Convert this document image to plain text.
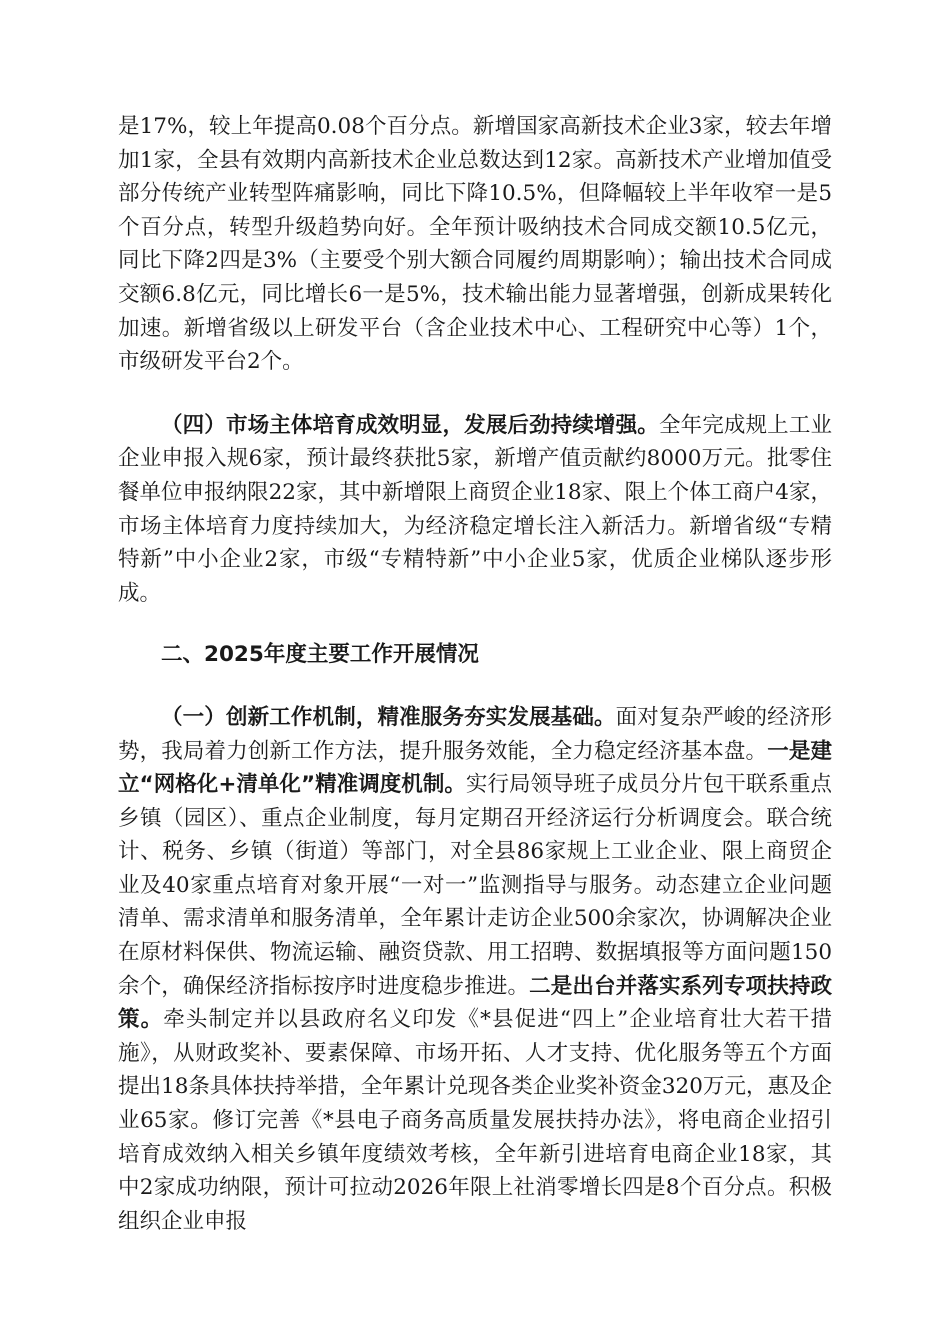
是17%，较上年提高0.08个百分点。新增国家高新技术企业3家，较去年增加1家，全县有效期内高新技术企业总数达到12家。高新技术产业增加值受部分传统产业转型阵痛影响，同比下降10.5%，但降幅较上半年收窄一是5个百分点，转型升级趋势向好。全年预计吸纳技术合同成交额10.5亿元，同比下降2四是3%（主要受个别大额合同履约周期影响）；输出技术合同成交额6.8亿元，同比增长6一是5%，技术输出能力显著增强，创新成果转化加速。新增省级以上研发平台（含企业技术中心、工程研究中心等）1个，市级研发平台2个。

（四）市场主体培育成效明显，发展后劲持续增强。全年完成规上工业企业申报入规6家，预计最终获批5家，新增产值贡献约8000万元。批零住餐单位申报纳限22家，其中新增限上商贸企业18家、限上个体工商户4家，市场主体培育力度持续加大，为经济稳定增长注入新活力。新增省级“专精特新”中小企业2家，市级“专精特新”中小企业5家，优质企业梯队逐步形成。

二、2025年度主要工作开展情况

（一）创新工作机制，精准服务夯实发展基础。面对复杂严峻的经济形势，我局着力创新工作方法，提升服务效能，全力稳定经济基本盘。一是建立“网格化+清单化”精准调度机制。实行局领导班子成员分片包干联系重点乡镇（园区）、重点企业制度，每月定期召开经济运行分析调度会。联合统计、税务、乡镇（街道）等部门，对全县86家规上工业企业、限上商贸企业及40家重点培育对象开展“一对一”监测指导与服务。动态建立企业问题清单、需求清单和服务清单，全年累计走访企业500余家次，协调解决企业在原材料保供、物流运输、融资贷款、用工招聘、数据填报等方面问题150余个，确保经济指标按序时进度稳步推进。二是出台并落实系列专项扶持政策。牵头制定并以县政府名义印发《*县促进“四上”企业培育壮大若干措施》，从财政奖补、要素保障、市场开拓、人才支持、优化服务等五个方面提出18条具体扶持举措，全年累计兑现各类企业奖补资金320万元，惠及企业65家。修订完善《*县电子商务高质量发展扶持办法》，将电商企业招引培育成效纳入相关乡镇年度绩效考核，全年新引进培育电商企业18家，其中2家成功纳限，预计可拉动2026年限上社消零增长四是8个百分点。积极组织企业申报
